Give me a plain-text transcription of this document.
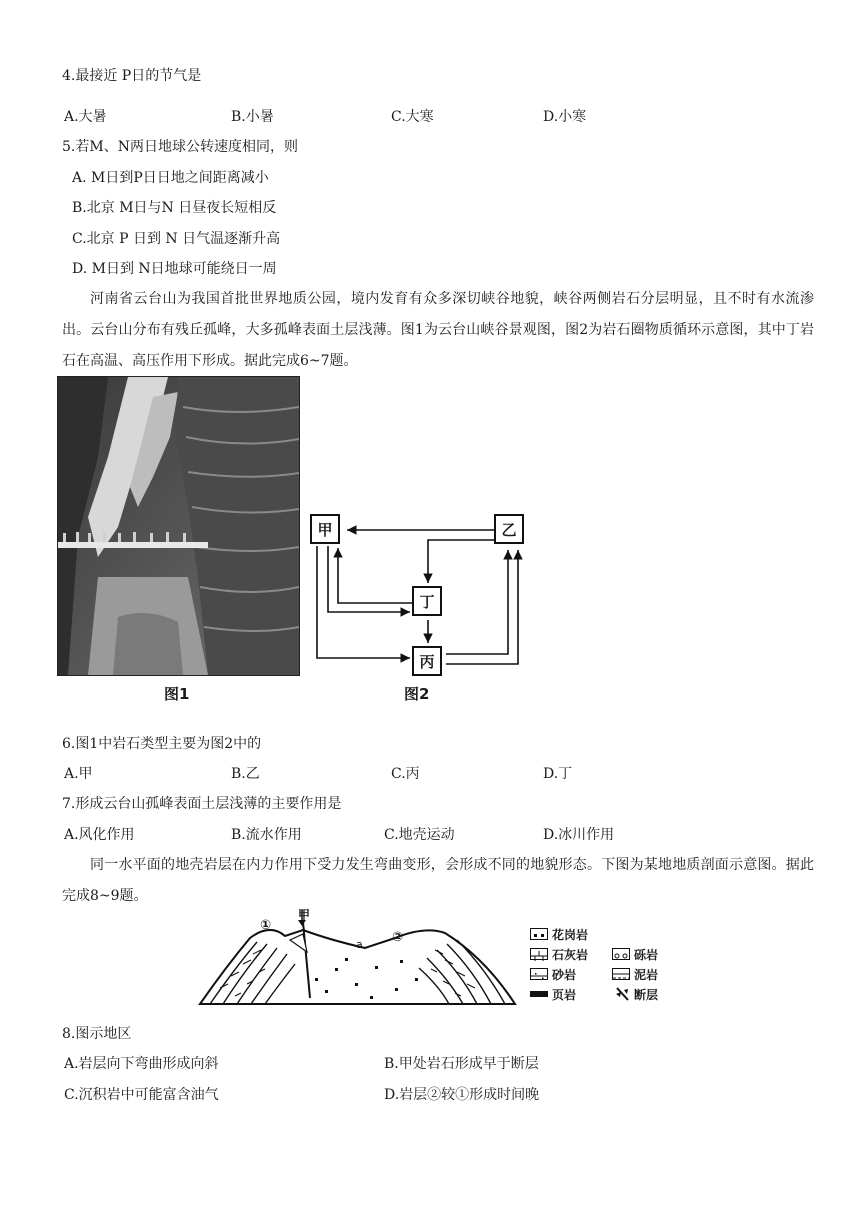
4.最接近 P日的节气是
A.大暑	B.小暑	C.大寒	D.小寒
5.若M、N两日地球公转速度相同，则
A. M日到P日日地之间距离减小
B.北京 M日与N 日昼夜长短相反
C.北京 P 日到 N 日气温逐渐升高
D. M日到 N日地球可能绕日一周
河南省云台山为我国首批世界地质公园，境内发育有众多深切峡谷地貌，峡谷两侧岩石分层明显，且不时有水流渗出。云台山分布有残丘孤峰，大多孤峰表面土层浅薄。图1为云台山峡谷景观图，图2为岩石圈物质循环示意图，其中丁岩石在高温、高压作用下形成。据此完成6~7题。
图1
甲	乙
丁
丙
图2
6.图1中岩石类型主要为图2中的
A.甲	B.乙	C.丙	D.丁
7.形成云台山孤峰表面土层浅薄的主要作用是
A.风化作用	B.流水作用	C.地壳运动	D.冰川作用
同一水平面的地壳岩层在内力作用下受力发生弯曲变形，会形成不同的地貌形态。下图为某地地质剖面示意图。据此完成8~9题。
①
甲
②
a
花岗岩
石灰岩	砾岩
砂岩	泥岩
页岩	断层
8.图示地区
A.岩层向下弯曲形成向斜	B.甲处岩石形成早于断层
C.沉积岩中可能富含油气	D.岩层②较①形成时间晚
